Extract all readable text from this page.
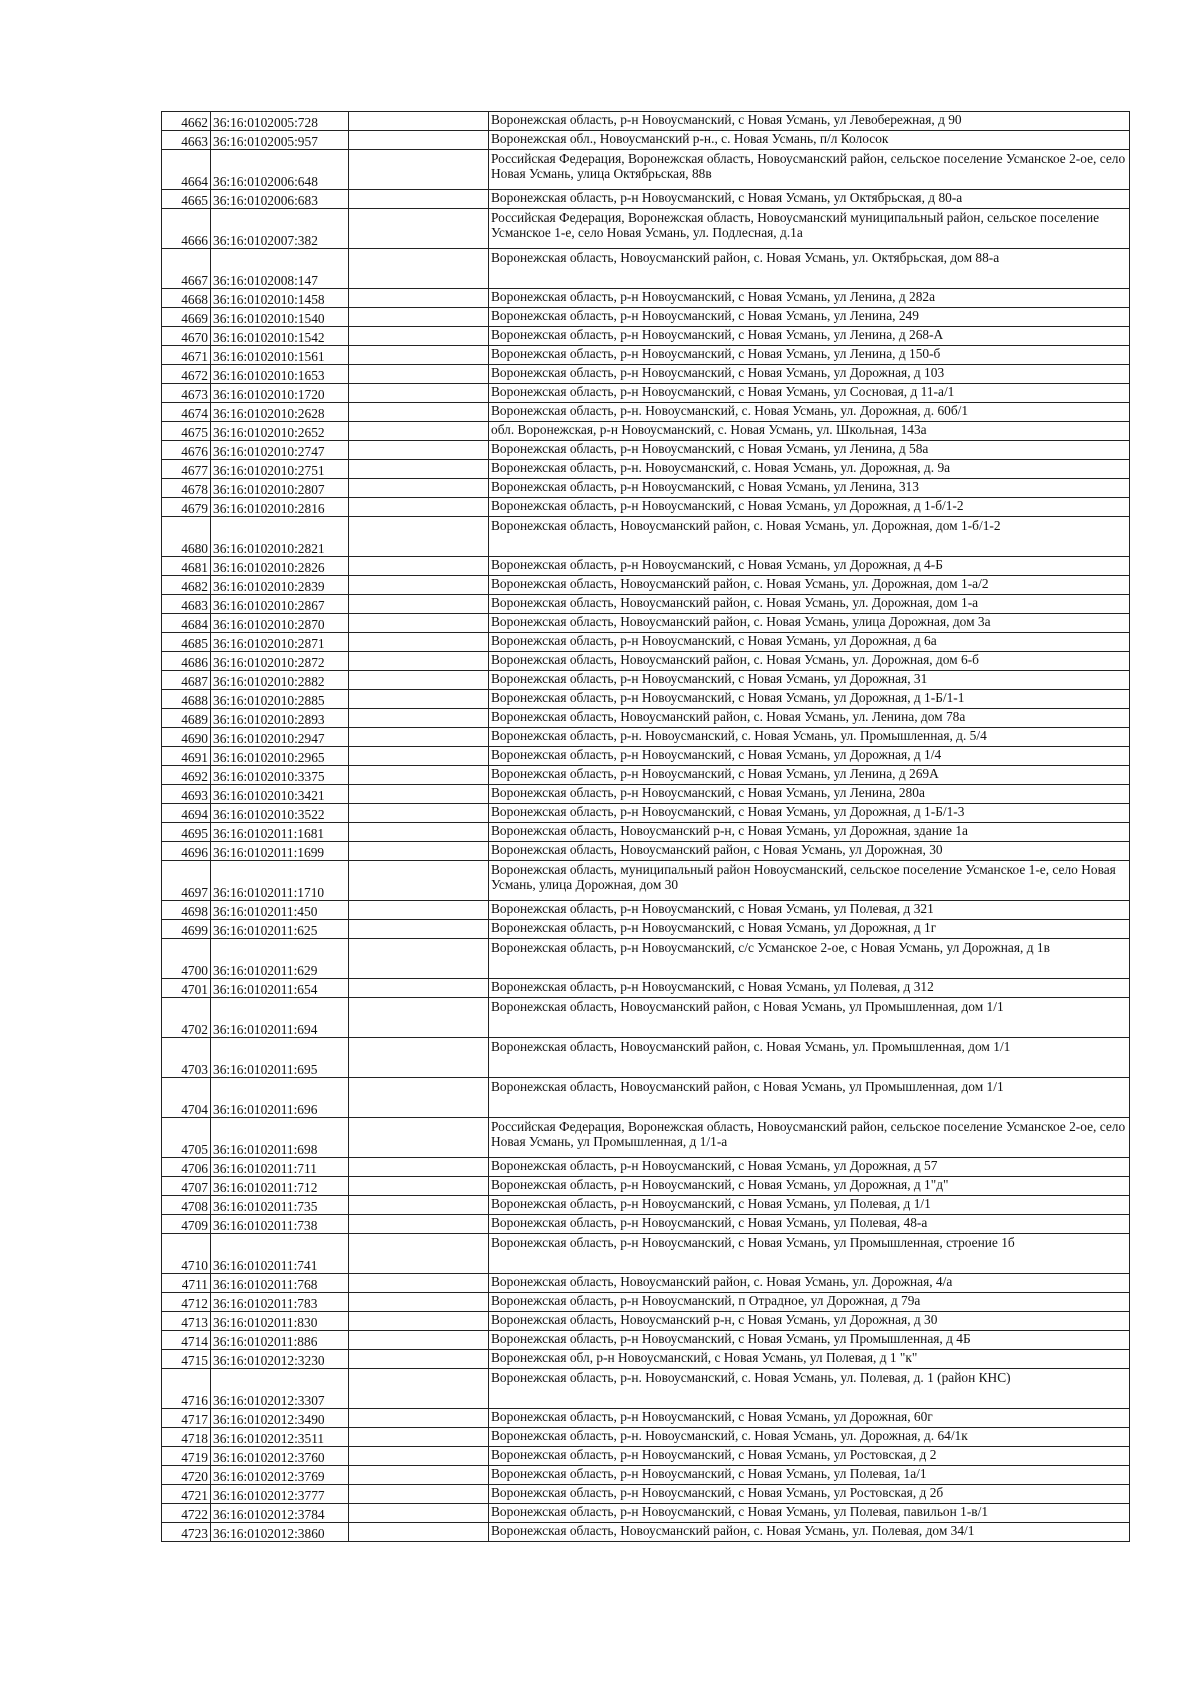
4662	36:16:0102005:728		Воронежская область, р-н Новоусманский, с Новая Усмань, ул Левобережная, д 90
4663	36:16:0102005:957		Воронежская обл., Новоусманский р-н., с. Новая Усмань, п/л Колосок
4664	36:16:0102006:648		Российская Федерация, Воронежская область, Новоусманский район, сельское поселение Усманское 2-ое, село Новая Усмань, улица Октябрьская, 88в
4665	36:16:0102006:683		Воронежская область, р-н Новоусманский, с Новая Усмань, ул Октябрьская, д 80-а
4666	36:16:0102007:382		Российская Федерация, Воронежская область, Новоусманский муниципальный район, сельское поселение Усманское 1-е, село Новая Усмань, ул. Подлесная, д.1а
4667	36:16:0102008:147		Воронежская область, Новоусманский район, с. Новая Усмань, ул. Октябрьская, дом 88-а
4668	36:16:0102010:1458		Воронежская область, р-н Новоусманский, с Новая Усмань, ул Ленина, д 282а
4669	36:16:0102010:1540		Воронежская область, р-н Новоусманский, с Новая Усмань, ул Ленина, 249
4670	36:16:0102010:1542		Воронежская область, р-н Новоусманский, с Новая Усмань, ул Ленина, д 268-А
4671	36:16:0102010:1561		Воронежская область, р-н Новоусманский, с Новая Усмань, ул Ленина, д 150-б
4672	36:16:0102010:1653		Воронежская область, р-н Новоусманский, с Новая Усмань, ул Дорожная, д 103
4673	36:16:0102010:1720		Воронежская область, р-н Новоусманский, с Новая Усмань, ул Сосновая, д 11-а/1
4674	36:16:0102010:2628		Воронежская область, р-н. Новоусманский, с. Новая Усмань, ул. Дорожная, д. 60б/1
4675	36:16:0102010:2652		обл. Воронежская, р-н Новоусманский, с. Новая Усмань, ул. Школьная, 143а
4676	36:16:0102010:2747		Воронежская область, р-н Новоусманский, с Новая Усмань, ул Ленина, д 58а
4677	36:16:0102010:2751		Воронежская область, р-н. Новоусманский, с. Новая Усмань, ул. Дорожная, д. 9а
4678	36:16:0102010:2807		Воронежская область, р-н Новоусманский, с Новая Усмань, ул Ленина, 313
4679	36:16:0102010:2816		Воронежская область, р-н Новоусманский, с Новая Усмань, ул Дорожная, д 1-б/1-2
4680	36:16:0102010:2821		Воронежская область, Новоусманский район, с. Новая Усмань, ул. Дорожная, дом 1-б/1-2
4681	36:16:0102010:2826		Воронежская область, р-н Новоусманский, с Новая Усмань, ул Дорожная, д 4-Б
4682	36:16:0102010:2839		Воронежская область, Новоусманский район, с. Новая Усмань, ул. Дорожная, дом 1-а/2
4683	36:16:0102010:2867		Воронежская область, Новоусманский район, с. Новая Усмань, ул. Дорожная, дом 1-а
4684	36:16:0102010:2870		Воронежская область, Новоусманский район, с. Новая Усмань, улица Дорожная, дом 3а
4685	36:16:0102010:2871		Воронежская область, р-н Новоусманский, с Новая Усмань, ул Дорожная, д 6а
4686	36:16:0102010:2872		Воронежская область, Новоусманский район, с. Новая Усмань, ул. Дорожная, дом 6-б
4687	36:16:0102010:2882		Воронежская область, р-н Новоусманский, с Новая Усмань, ул Дорожная, 31
4688	36:16:0102010:2885		Воронежская область, р-н Новоусманский, с Новая Усмань, ул Дорожная, д 1-Б/1-1
4689	36:16:0102010:2893		Воронежская область, Новоусманский район, с. Новая Усмань, ул. Ленина, дом 78а
4690	36:16:0102010:2947		Воронежская область, р-н. Новоусманский, с. Новая Усмань, ул. Промышленная, д. 5/4
4691	36:16:0102010:2965		Воронежская область, р-н Новоусманский, с Новая Усмань, ул Дорожная, д 1/4
4692	36:16:0102010:3375		Воронежская область, р-н Новоусманский, с Новая Усмань, ул Ленина, д 269А
4693	36:16:0102010:3421		Воронежская область, р-н Новоусманский, с Новая Усмань, ул Ленина, 280а
4694	36:16:0102010:3522		Воронежская область, р-н Новоусманский, с Новая Усмань, ул Дорожная, д 1-Б/1-3
4695	36:16:0102011:1681		Воронежская область, Новоусманский р-н, с Новая Усмань, ул Дорожная, здание 1а
4696	36:16:0102011:1699		Воронежская область, Новоусманский район, с Новая Усмань, ул Дорожная, 30
4697	36:16:0102011:1710		Воронежская область, муниципальный район Новоусманский, сельское поселение Усманское 1-е, село Новая Усмань, улица Дорожная, дом 30
4698	36:16:0102011:450		Воронежская область, р-н Новоусманский, с Новая Усмань, ул Полевая, д 321
4699	36:16:0102011:625		Воронежская область, р-н Новоусманский, с Новая Усмань, ул Дорожная, д 1г
4700	36:16:0102011:629		Воронежская область, р-н Новоусманский, с/с Усманское 2-ое, с Новая Усмань, ул Дорожная, д 1в
4701	36:16:0102011:654		Воронежская область, р-н Новоусманский, с Новая Усмань, ул Полевая, д 312
4702	36:16:0102011:694		Воронежская область, Новоусманский район, с Новая Усмань, ул Промышленная, дом 1/1
4703	36:16:0102011:695		Воронежская область, Новоусманский район, с. Новая Усмань, ул. Промышленная, дом 1/1
4704	36:16:0102011:696		Воронежская область, Новоусманский район, с Новая Усмань, ул Промышленная, дом 1/1
4705	36:16:0102011:698		Российская Федерация, Воронежская область, Новоусманский район, сельское поселение Усманское 2-ое, село Новая Усмань, ул Промышленная, д 1/1-а
4706	36:16:0102011:711		Воронежская область, р-н Новоусманский, с Новая Усмань, ул Дорожная, д 57
4707	36:16:0102011:712		Воронежская область, р-н Новоусманский, с Новая Усмань, ул Дорожная, д 1"д"
4708	36:16:0102011:735		Воронежская область, р-н Новоусманский, с Новая Усмань, ул Полевая, д 1/1
4709	36:16:0102011:738		Воронежская область, р-н Новоусманский, с Новая Усмань, ул Полевая, 48-а
4710	36:16:0102011:741		Воронежская область, р-н Новоусманский, с Новая Усмань, ул Промышленная, строение 1б
4711	36:16:0102011:768		Воронежская область, Новоусманский район, с. Новая Усмань, ул. Дорожная, 4/а
4712	36:16:0102011:783		Воронежская область, р-н Новоусманский, п Отрадное, ул Дорожная, д 79а
4713	36:16:0102011:830		Воронежская область, Новоусманский р-н, с Новая Усмань, ул Дорожная, д 30
4714	36:16:0102011:886		Воронежская область, р-н Новоусманский, с Новая Усмань, ул Промышленная, д 4Б
4715	36:16:0102012:3230		Воронежская обл, р-н Новоусманский, с Новая Усмань, ул Полевая, д 1 "к"
4716	36:16:0102012:3307		Воронежская область, р-н. Новоусманский, с. Новая Усмань, ул. Полевая, д. 1 (район КНС)
4717	36:16:0102012:3490		Воронежская область, р-н Новоусманский, с Новая Усмань, ул Дорожная, 60г
4718	36:16:0102012:3511		Воронежская область, р-н. Новоусманский, с. Новая Усмань, ул. Дорожная, д. 64/1к
4719	36:16:0102012:3760		Воронежская область, р-н Новоусманский, с Новая Усмань, ул Ростовская, д 2
4720	36:16:0102012:3769		Воронежская область, р-н Новоусманский, с Новая Усмань, ул Полевая, 1а/1
4721	36:16:0102012:3777		Воронежская область, р-н Новоусманский, с Новая Усмань, ул Ростовская, д 2б
4722	36:16:0102012:3784		Воронежская область, р-н Новоусманский, с Новая Усмань, ул Полевая, павильон 1-в/1
4723	36:16:0102012:3860		Воронежская область, Новоусманский район, с. Новая Усмань, ул. Полевая, дом 34/1
